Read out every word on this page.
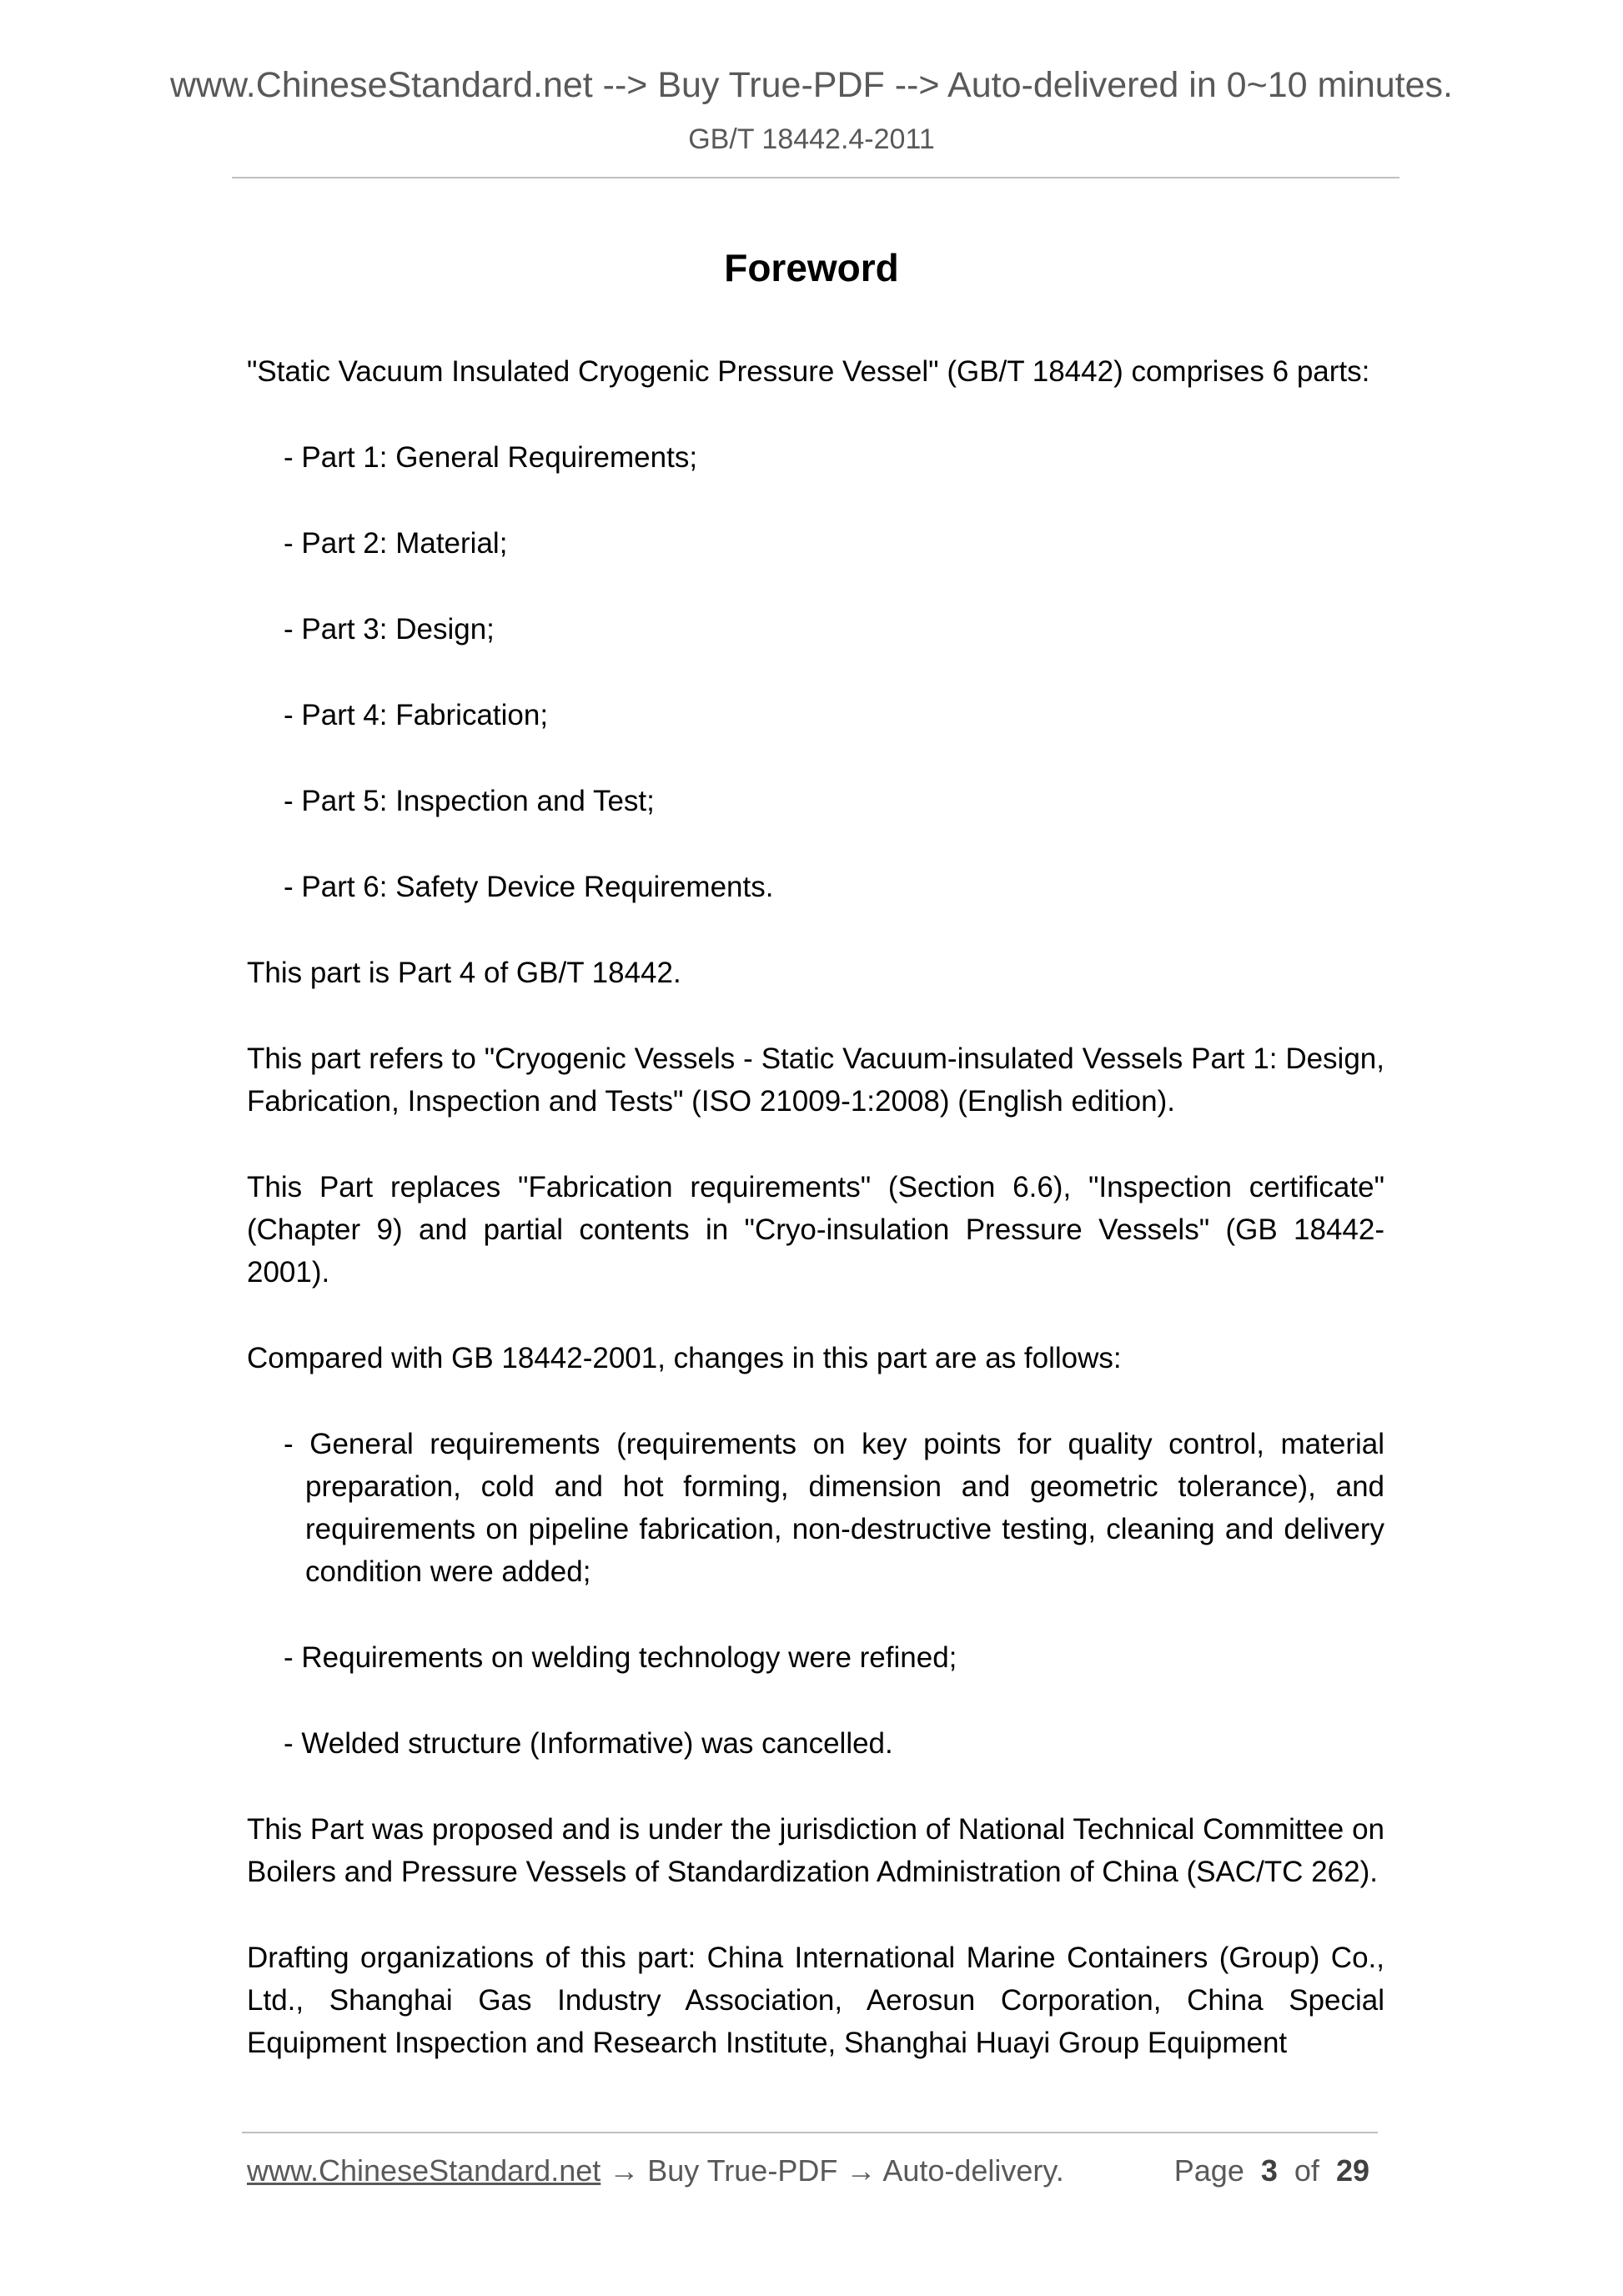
www.ChineseStandard.net --> Buy True-PDF --> Auto-delivered in 0~10 minutes.
GB/T 18442.4-2011
Foreword

"Static Vacuum Insulated Cryogenic Pressure Vessel" (GB/T 18442) comprises 6 parts:

- Part 1: General Requirements;

- Part 2: Material;

- Part 3: Design;

- Part 4: Fabrication;

- Part 5: Inspection and Test;

- Part 6: Safety Device Requirements.

This part is Part 4 of GB/T 18442.

This part refers to "Cryogenic Vessels - Static Vacuum-insulated Vessels Part 1: Design, Fabrication, Inspection and Tests" (ISO 21009-1:2008) (English edition).

This Part replaces "Fabrication requirements" (Section 6.6), "Inspection certificate" (Chapter 9) and partial contents in "Cryo-insulation Pressure Vessels" (GB 18442-2001).

Compared with GB 18442-2001, changes in this part are as follows:

- General requirements (requirements on key points for quality control, material preparation, cold and hot forming, dimension and geometric tolerance), and requirements on pipeline fabrication, non-destructive testing, cleaning and delivery condition were added;

- Requirements on welding technology were refined;

- Welded structure (Informative) was cancelled.

This Part was proposed and is under the jurisdiction of National Technical Committee on Boilers and Pressure Vessels of Standardization Administration of China (SAC/TC 262).

Drafting organizations of this part: China International Marine Containers (Group) Co., Ltd., Shanghai Gas Industry Association, Aerosun Corporation, China Special Equipment Inspection and Research Institute, Shanghai Huayi Group Equipment

www.ChineseStandard.net → Buy True-PDF → Auto-delivery.	Page 3 of 29
